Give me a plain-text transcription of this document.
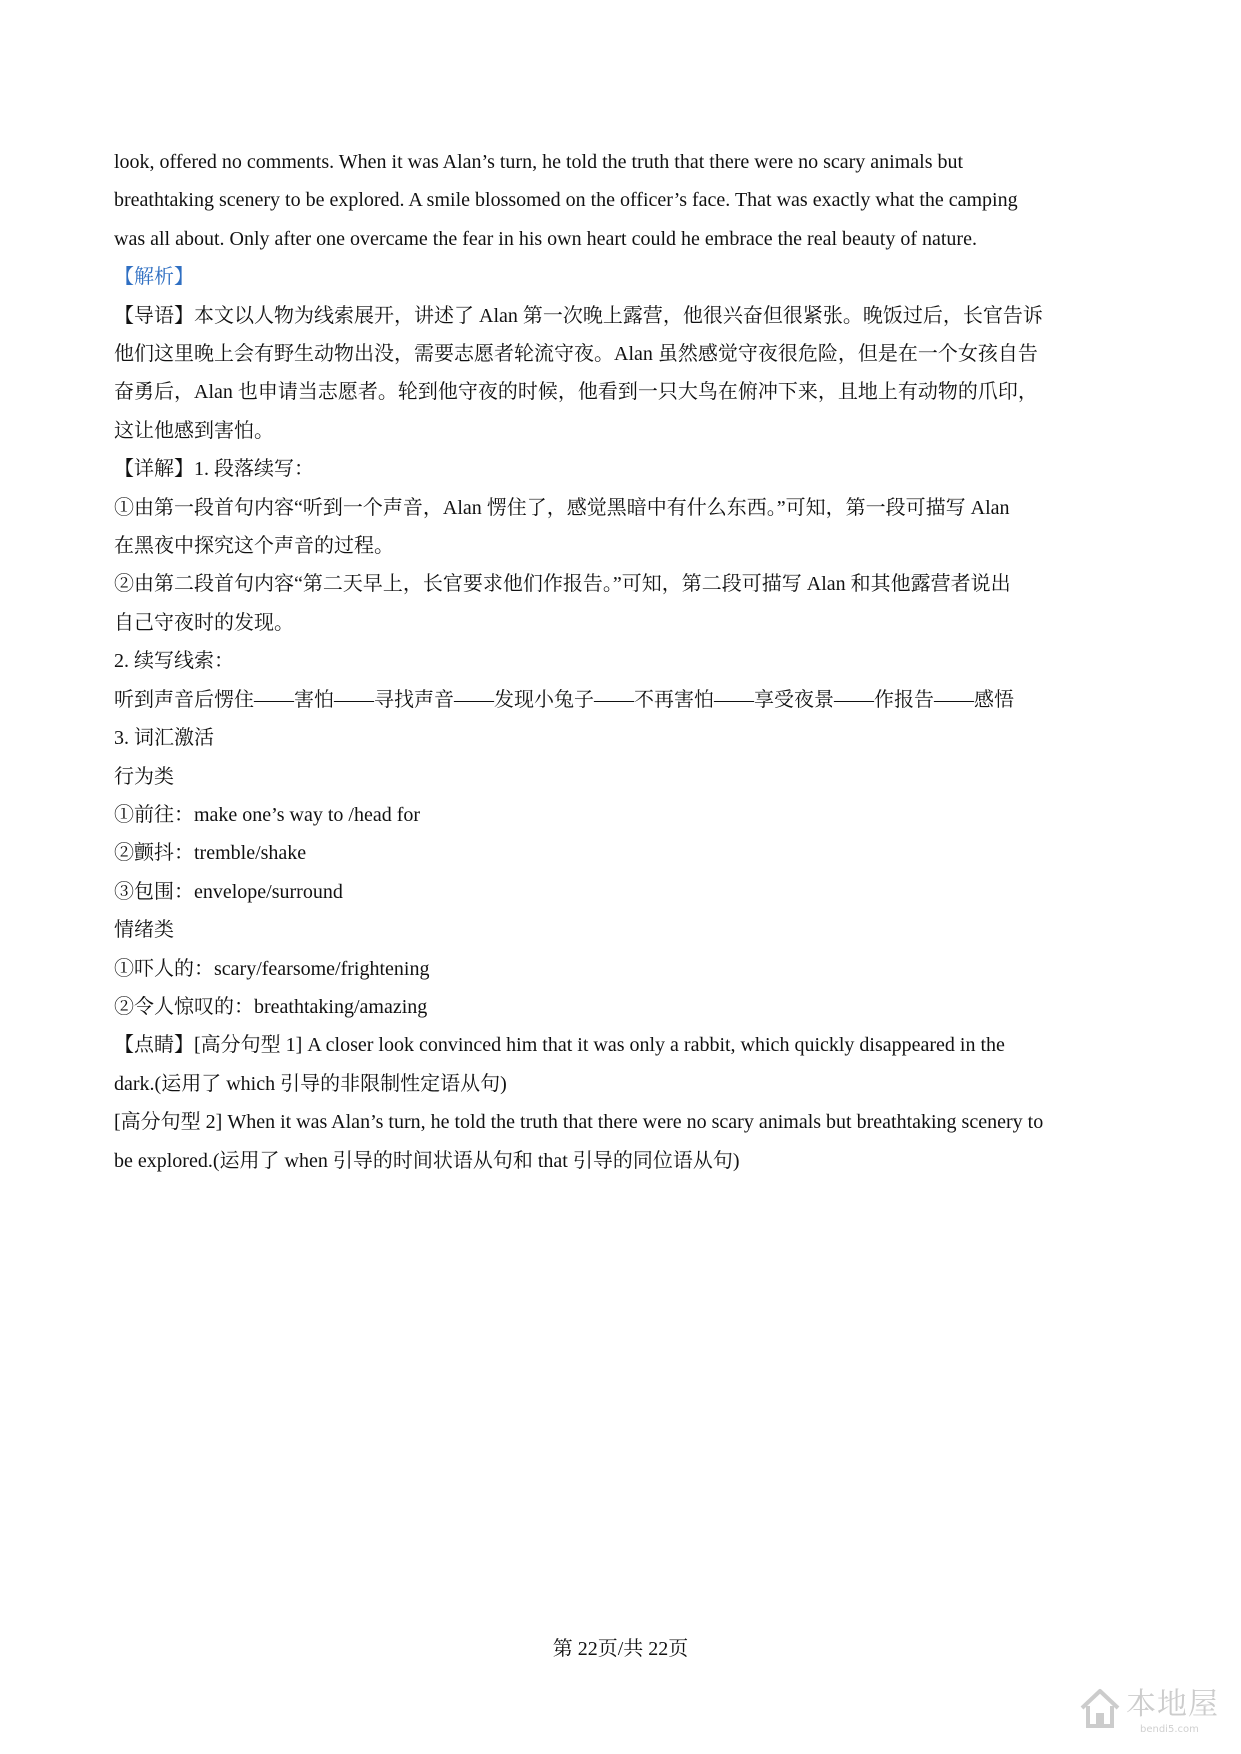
look, offered no comments. When it was Alan’s turn, he told the truth that there were no scary animals but

breathtaking scenery to be explored. A smile blossomed on the officer’s face. That was exactly what the camping

was all about. Only after one overcame the fear in his own heart could he embrace the real beauty of nature.

【解析】

【导语】本文以人物为线索展开，讲述了 Alan 第一次晚上露营，他很兴奋但很紧张。晚饭过后，长官告诉

他们这里晚上会有野生动物出没，需要志愿者轮流守夜。Alan 虽然感觉守夜很危险，但是在一个女孩自告

奋勇后，Alan 也申请当志愿者。轮到他守夜的时候，他看到一只大鸟在俯冲下来，且地上有动物的爪印，

这让他感到害怕。

【详解】1. 段落续写：

①由第一段首句内容“听到一个声音，Alan 愣住了，感觉黑暗中有什么东西。”可知，第一段可描写 Alan

在黑夜中探究这个声音的过程。

②由第二段首句内容“第二天早上，长官要求他们作报告。”可知，第二段可描写 Alan 和其他露营者说出

自己守夜时的发现。

2. 续写线索：

听到声音后愣住——害怕——寻找声音——发现小兔子——不再害怕——享受夜景——作报告——感悟

3. 词汇激活

行为类

①前往：make one’s way to /head for

②颤抖：tremble/shake

③包围：envelope/surround

情绪类

①吓人的：scary/fearsome/frightening

②令人惊叹的：breathtaking/amazing

【点睛】[高分句型 1] A closer look convinced him that it was only a rabbit, which quickly disappeared in the

dark.(运用了 which 引导的非限制性定语从句)

[高分句型 2] When it was Alan’s turn, he told the truth that there were no scary animals but breathtaking scenery to

be explored.(运用了 when 引导的时间状语从句和 that 引导的同位语从句)

第 22页/共 22页
本地屋
bendi5.com
